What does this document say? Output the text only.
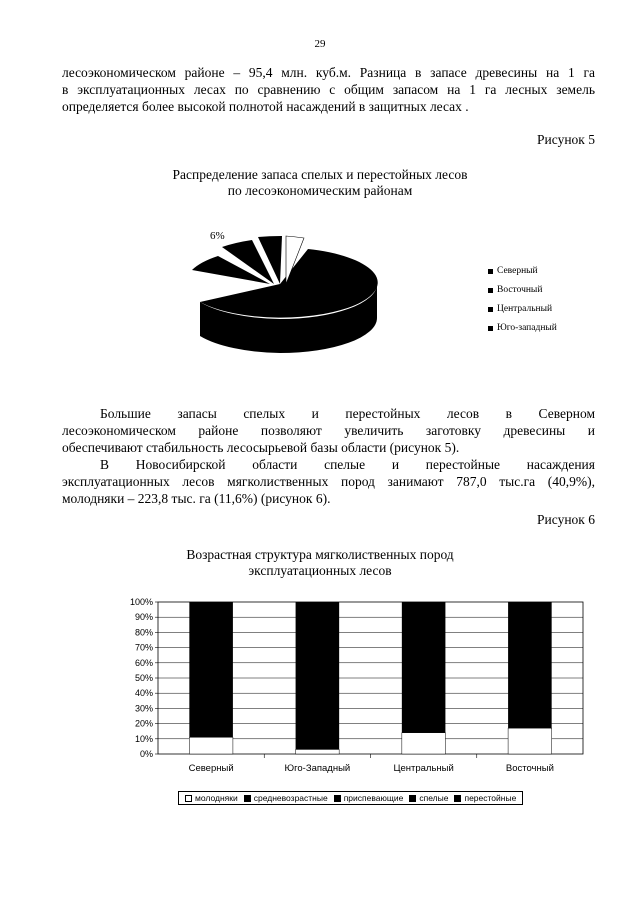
29
лесоэкономическом районе – 95,4 млн. куб.м. Разница в запасе древесины на 1 га
в эксплуатационных лесах по сравнению с общим запасом на 1 га лесных земель
определяется более высокой полнотой насаждений в защитных лесах .
Рисунок 5
Распределение запаса спелых и перестойных лесов
по лесоэкономическим районам
6%
Северный
Восточный
Центральный
Юго-западный
Большие запасы спелых и перестойных лесов в Северном
лесоэкономическом районе позволяют увеличить заготовку древесины и
обеспечивают стабильность лесосырьевой базы области (рисунок 5).
В Новосибирской области спелые и перестойные насаждения
эксплуатационных лесов мягколиственных пород занимают 787,0 тыс.га (40,9%),
молодняки – 223,8 тыс. га (11,6%) (рисунок 6).
Рисунок 6
Возрастная структура мягколиственных пород
эксплуатационных лесов
0%
10%
20%
30%
40%
50%
60%
70%
80%
90%
100%
Северный	Юго-Западный	Центральный	Восточный
молодняки средневозрастные приспевающие спелые перестойные
